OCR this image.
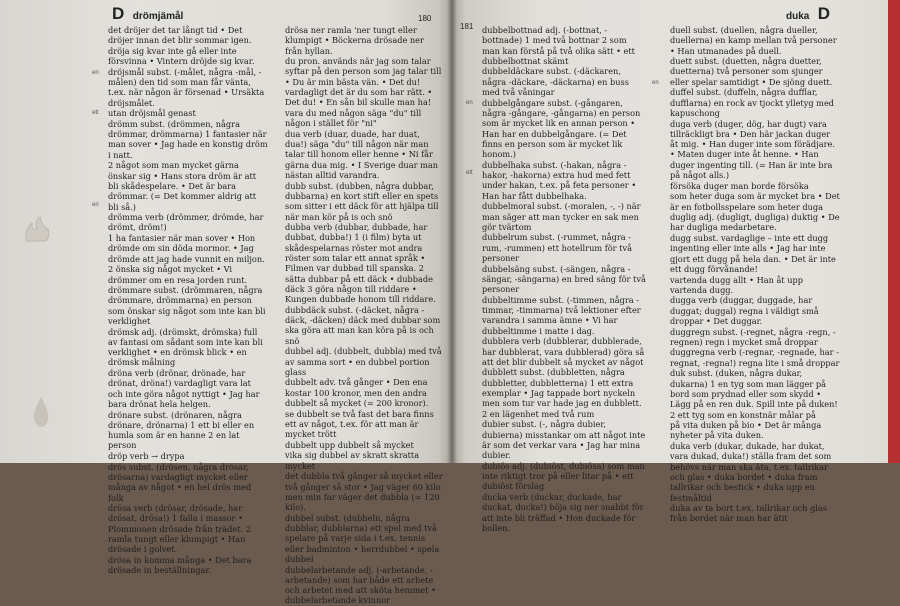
D drömjämål	180

det dröjer det tar långt tid • Det dröjer innan det blir sommar igen.

dröja sig kvar inte gå eller inte försvinna • Vintern dröjde sig kvar.

dröjsmål subst. (-målet, några -mål, -målen) den tid som man får vänta, t.ex. när någon är försenad • Ursäkta dröjsmålet.

utan dröjsmål genast

drömm subst. (drömmen, några drömmar, drömmarna) 1 fantasier när man sover • Jag hade en konstig dröm i natt.

2 något som man mycket gärna önskar sig • Hans stora dröm är att bli skådespelare. • Det är bara drömmar. (= Det kommer aldrig att bli så.)

drömma verb (drömmer, drömde, har drömt, dröm!)

1 ha fantasier när man sover • Hon drömde om sin döda mormor. • Jag drömde att jag hade vunnit en miljon.

2 önska sig något mycket • Vi drömmer om en resa jorden runt.

drömmare subst. (drömmaren, några drömmare, drömmarna) en person som önskar sig något som inte kan bli verklighet

drömsk adj. (drömskt, drömska) full av fantasi om sådant som inte kan bli verklighet • en drömsk blick • en drömsk målning

dröna verb (drönar, drönade, har drönat, dröna!) vardagligt vara lat och inte göra något nyttigt • Jag har bara drönat hela helgen.

drönare subst. (drönaren, några drönare, drönarna) 1 ett bi eller en humla som är en hanne 2 en lat person

dröp verb → drypa

drös subst. (drösen, några drösar, drösarna) vardagligt mycket eller många av något • en hel drös med folk

drösa verb (drösar, drösade, har drösat, drösa!) 1 falla i massor • Plommonen drösade från trädet. 2 ramla tungt eller klumpigt • Han drösade i golvet.

drösa in komma många • Det bara drösade in beställningar.

drösa ner ramla 'ner tungt eller klumpigt • Böckerna drösade ner från hyllan.

du pron. används när jag som talar syftar på den person som jag talar till • Du är min bästa vän. • Det du! vardagligt det är du som har rätt. • Det du! • En sån bil skulle man ha!

vara du med någon säga "du" till någon i stället för "ni"

dua verb (duar, duade, har duat, dua!) säga "du" till någon när man talar till honom eller henne • Ni får gärna dua mig. • I Sverige duar man nästan alltid varandra.

dubb subst. (dubben, några dubbar, dubbarna) en kort stift eller en spets som sitter i ett däck för att hjälpa till när man kör på is och snö

dubba verb (dubbar, dubbade, har dubbat, dubba!) 1 (i film) byta ut skådespelarnas röster mot andra röster som talar ett annat språk • Filmen var dubbad till spanska. 2 sätta dubbar på ett däck • dubbade däck 3 göra någon till riddare • Kungen dubbade honom till riddare.

dubbdäck subst. (-däcket, några -däck, -däcken) däck med dubbar som ska göra att man kan köra på is och snö

dubbel adj. (dubbelt, dubbla) med två av samma sort • en dubbel portion glass

dubbelt adv. två gånger • Den ena kostar 100 kronor, men den andra dubbelt så mycket (= 200 kronor).

se dubbelt se två fast det bara finns ett av något, t.ex. för att man är mycket trött

dubbelt upp dubbelt så mycket

vika sig dubbel av skratt skratta mycket

det dubbla två gånger så mycket eller två gånger så stor • Jag väger 60 kilo men min far väger det dubbla (= 120 kilo).

dubbel subst. (dubbeln, några dubblar, dubblarna) ett spel med två spelare på varje sida i t.ex. tennis eller badminton • herrdubbel • spela dubbel

dubbelarbetande adj. (-arbetande, -arbetande) som har både ett arbete och arbetet med att sköta hemmet • dubbelarbetande kvinnor

181
duka D

dubbelbottnad adj. (-bottnat, -bottnade) 1 med två bottnar 2 som man kan förstå på två olika sätt • ett dubbelbottnat skämt

dubbeldäckare subst. (-däckaren, några -däckare, -däckarna) en buss med två våningar

dubbelgångare subst. (-gångaren, några -gångare, -gångarna) en person som är mycket lik en annan person • Han har en dubbelgångare. (= Det finns en person som är mycket lik honom.)

dubbelhaka subst. (-hakan, några -hakor, -hakorna) extra hud med fett under hakan, t.ex. på feta personer • Han har fått dubbelhaka.

dubbelmoral subst. (-moralen, -, -) när man säger att man tycker en sak men gör tvärtom

dubbelrum subst. (-rummet, några -rum, -rummen) ett hotellrum för två personer

dubbelsäng subst. (-sängen, några -sängar, -sängarna) en bred säng för två personer

dubbeltimme subst. (-timmen, några -timmar, -timmarna) två lektioner efter varandra i samma ämne • Vi har dubbeltimme i matte i dag.

dubblera verb (dubblerar, dubblerade, har dubblerat, vara dubblerad) göra så att det blir dubbelt så mycket av något

dubblett subst. (dubbletten, några dubbletter, dubbletterna) 1 ett extra exemplar • Jag tappade bort nyckeln men som tur var hade jag en dubblett. 2 en lägenhet med två rum

dubier subst. (-, några dubier, dubierna) misstankar om att något inte är som det verkar vara • Jag har mina dubier.

dubiös adj. (dubiöst, dubiösa) som man inte riktigt tror på eller litar på • ett dubiöst förslag

ducka verb (duckar, duckade, har duckat, ducka!) böja sig ner snabbt för att inte bli träffad • Hon duckade för bollen.

duell subst. (duellen, några dueller, duellerna) en kamp mellan två personer • Han utmanades på duell.

duett subst. (duetten, några duetter, duetterna) två personer som sjunger eller spelar samtidigt • De sjöng duett.

duffel subst. (duffeln, några dufflar, dufflarna) en rock av tjockt ylletyg med kapuschong

duga verb (duger, dög, har dugt) vara tillräckligt bra • Den här jackan duger åt mig. • Han duger inte som förädjare. • Maten duger inte åt henne. • Han duger ingenting till. (= Han är inte bra på något alls.)

försöka duger man borde försöka

som heter duga som är mycket bra • Det är en fotbollsspelare som heter duga

duglig adj. (dugligt, dugliga) duktig • De har dugliga medarbetare.

dugg subst. vardaglige – inte ett dugg ingenting eller inte alls • Jag har inte gjort ett dugg på hela dan. • Det är inte ett dugg förvånande!

vartenda dugg allt • Han åt upp vartenda dugg.

dugga verb (duggar, duggade, har duggat; duggal) regna i väldigt små droppar • Det duggar.

duggregn subst. (-regnet, några -regn, -regnen) regn i mycket små droppar

duggregna verb (-regnar, -regnade, har -regnat, -regna!) regna lite i små droppar

duk subst. (duken, några dukar, dukarna) 1 en tyg som man lägger på bord som prydnad eller som skydd • Lägg på en ren duk. Spill inte på duken! 2 ett tyg som en konstnär målar på

på vita duken på bio • Det är många nyheter på vita duken.

duka verb (dukar, dukade, har dukat, vara dukad, duka!) ställa fram det som behövs när man ska äta, t.ex. tallrikar och glas • duka bordet • duka fram tallrikar och bestick • duka upp en festmåltid

duka av ta bort t.ex. tallrikar och glas från bordet när man har ätit

en
ett
en
en
ett
en
